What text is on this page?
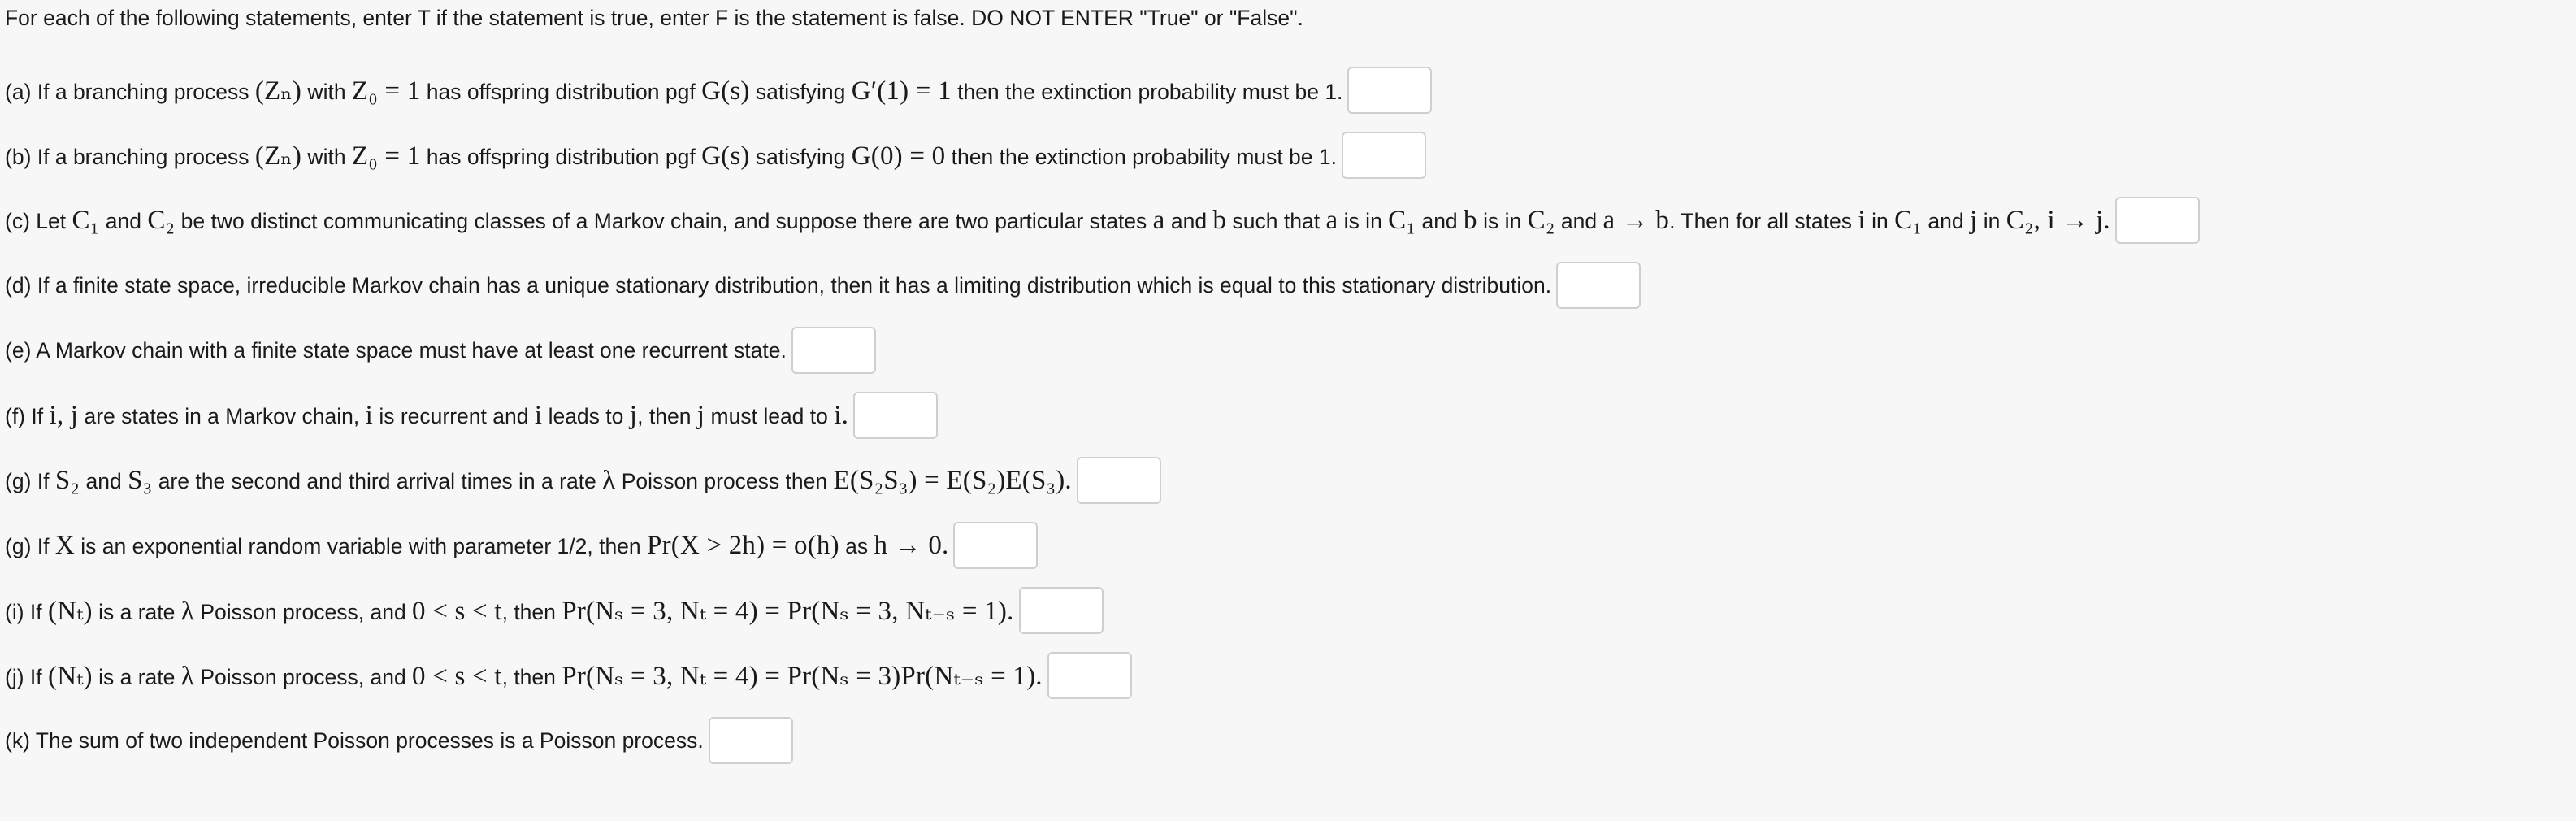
For each of the following statements, enter T if the statement is true, enter F is the statement is false. DO NOT ENTER "True" or "False".
(a) If a branching process (Zₙ) with Z₀ = 1 has offspring distribution pgf G(s) satisfying G′(1) = 1 then the extinction probability must be 1.
(b) If a branching process (Zₙ) with Z₀ = 1 has offspring distribution pgf G(s) satisfying G(0) = 0 then the extinction probability must be 1.
(c) Let C₁ and C₂ be two distinct communicating classes of a Markov chain, and suppose there are two particular states a and b such that a is in C₁ and b is in C₂ and a → b. Then for all states i in C₁ and j in C₂, i → j.
(d) If a finite state space, irreducible Markov chain has a unique stationary distribution, then it has a limiting distribution which is equal to this stationary distribution.
(e) A Markov chain with a finite state space must have at least one recurrent state.
(f) If i, j are states in a Markov chain, i is recurrent and i leads to j, then j must lead to i.
(g) If S₂ and S₃ are the second and third arrival times in a rate λ Poisson process then E(S₂S₃) = E(S₂)E(S₃).
(g) If X is an exponential random variable with parameter 1/2, then Pr(X > 2h) = o(h) as h → 0.
(i) If (Nₜ) is a rate λ Poisson process, and 0 < s < t, then Pr(Nₛ = 3, Nₜ = 4) = Pr(Nₛ = 3, Nₜ₋ₛ = 1).
(j) If (Nₜ) is a rate λ Poisson process, and 0 < s < t, then Pr(Nₛ = 3, Nₜ = 4) = Pr(Nₛ = 3)Pr(Nₜ₋ₛ = 1).
(k) The sum of two independent Poisson processes is a Poisson process.
